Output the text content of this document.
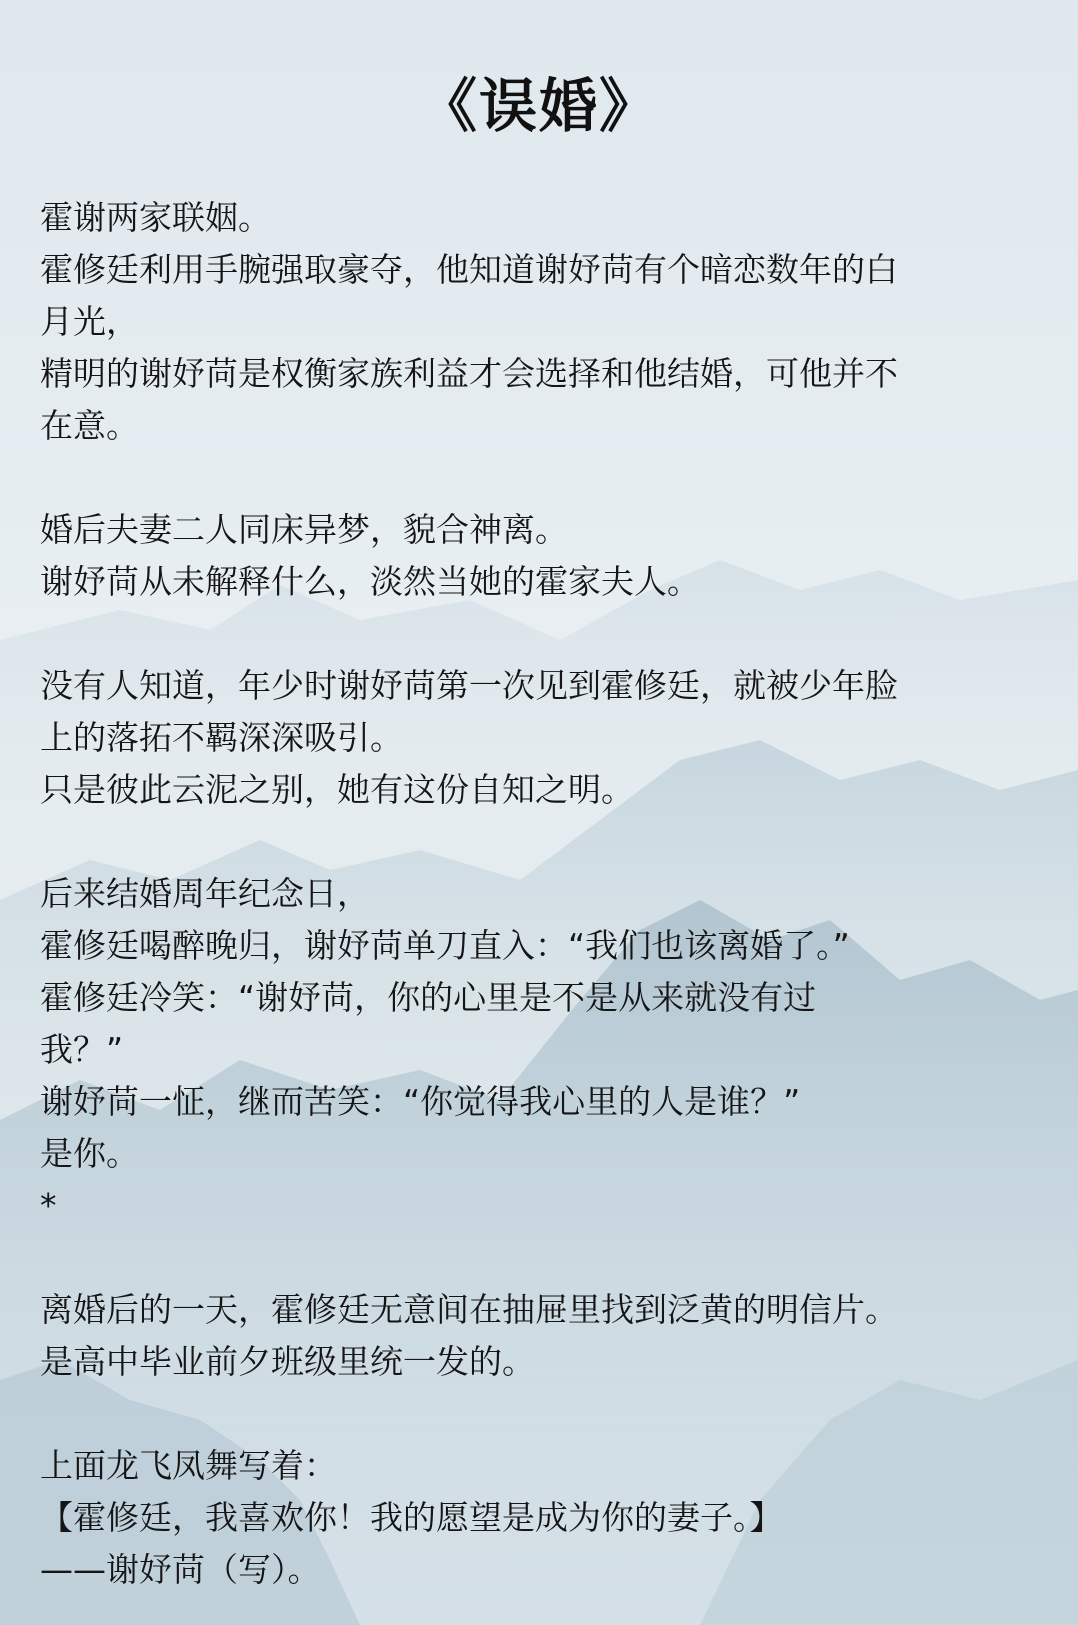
《误婚》
霍谢两家联姻。
霍修廷利用手腕强取豪夺，他知道谢妤苘有个暗恋数年的白
月光，
精明的谢妤苘是权衡家族利益才会选择和他结婚，可他并不
在意。
婚后夫妻二人同床异梦，貌合神离。
谢妤苘从未解释什么，淡然当她的霍家夫人。
没有人知道，年少时谢妤苘第一次见到霍修廷，就被少年脸
上的落拓不羁深深吸引。
只是彼此云泥之别，她有这份自知之明。
后来结婚周年纪念日，
霍修廷喝醉晚归，谢妤苘单刀直入：“我们也该离婚了。”
霍修廷冷笑：“谢妤苘，你的心里是不是从来就没有过
我？”
谢妤苘一怔，继而苦笑：“你觉得我心里的人是谁？”
是你。
*
离婚后的一天，霍修廷无意间在抽屉里找到泛黄的明信片。
是高中毕业前夕班级里统一发的。
上面龙飞凤舞写着：
【霍修廷，我喜欢你！我的愿望是成为你的妻子。】
——谢妤苘（写）。
